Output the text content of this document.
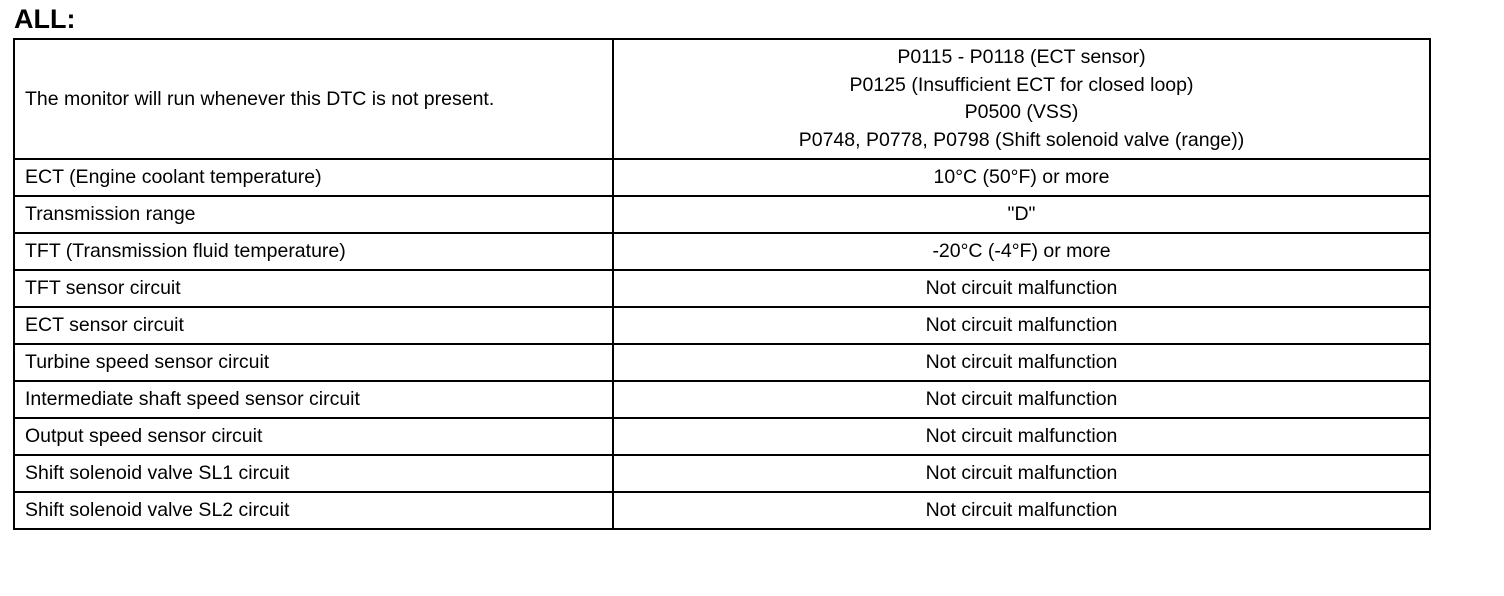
ALL:
The monitor will run whenever this DTC is not present.	P0115 - P0118 (ECT sensor)
P0125 (Insufficient ECT for closed loop)
P0500 (VSS)
P0748, P0778, P0798 (Shift solenoid valve (range))

ECT (Engine coolant temperature)	10°C (50°F) or more
Transmission range	"D"
TFT (Transmission fluid temperature)	-20°C (-4°F) or more
TFT sensor circuit	Not circuit malfunction
ECT sensor circuit	Not circuit malfunction
Turbine speed sensor circuit	Not circuit malfunction
Intermediate shaft speed sensor circuit	Not circuit malfunction
Output speed sensor circuit	Not circuit malfunction
Shift solenoid valve SL1 circuit	Not circuit malfunction
Shift solenoid valve SL2 circuit	Not circuit malfunction
